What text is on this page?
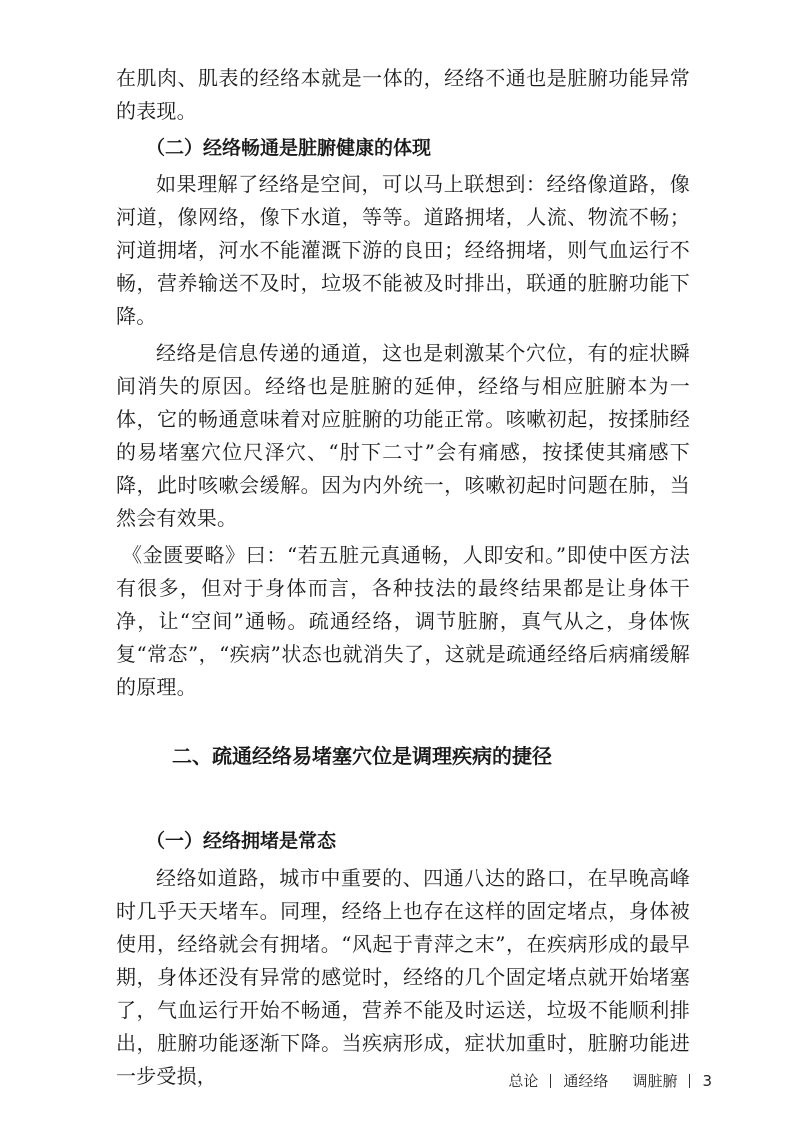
在肌肉、肌表的经络本就是一体的，经络不通也是脏腑功能异常的表现。

（二）经络畅通是脏腑健康的体现

如果理解了经络是空间，可以马上联想到：经络像道路，像河道，像网络，像下水道，等等。道路拥堵，人流、物流不畅；河道拥堵，河水不能灌溉下游的良田；经络拥堵，则气血运行不畅，营养输送不及时，垃圾不能被及时排出，联通的脏腑功能下降。

经络是信息传递的通道，这也是刺激某个穴位，有的症状瞬间消失的原因。经络也是脏腑的延伸，经络与相应脏腑本为一体，它的畅通意味着对应脏腑的功能正常。咳嗽初起，按揉肺经的易堵塞穴位尺泽穴、“肘下二寸”会有痛感，按揉使其痛感下降，此时咳嗽会缓解。因为内外统一，咳嗽初起时问题在肺，当然会有效果。

《金匮要略》曰：“若五脏元真通畅，人即安和。”即使中医方法有很多，但对于身体而言，各种技法的最终结果都是让身体干净，让“空间”通畅。疏通经络，调节脏腑，真气从之，身体恢复“常态”，“疾病”状态也就消失了，这就是疏通经络后病痛缓解的原理。

二、疏通经络易堵塞穴位是调理疾病的捷径
（一）经络拥堵是常态

经络如道路，城市中重要的、四通八达的路口，在早晚高峰时几乎天天堵车。同理，经络上也存在这样的固定堵点，身体被使用，经络就会有拥堵。“风起于青萍之末”，在疾病形成的最早期，身体还没有异常的感觉时，经络的几个固定堵点就开始堵塞了，气血运行开始不畅通，营养不能及时运送，垃圾不能顺利排出，脏腑功能逐渐下降。当疾病形成，症状加重时，脏腑功能进一步受损，	总论 通经络 调脏腑 3
